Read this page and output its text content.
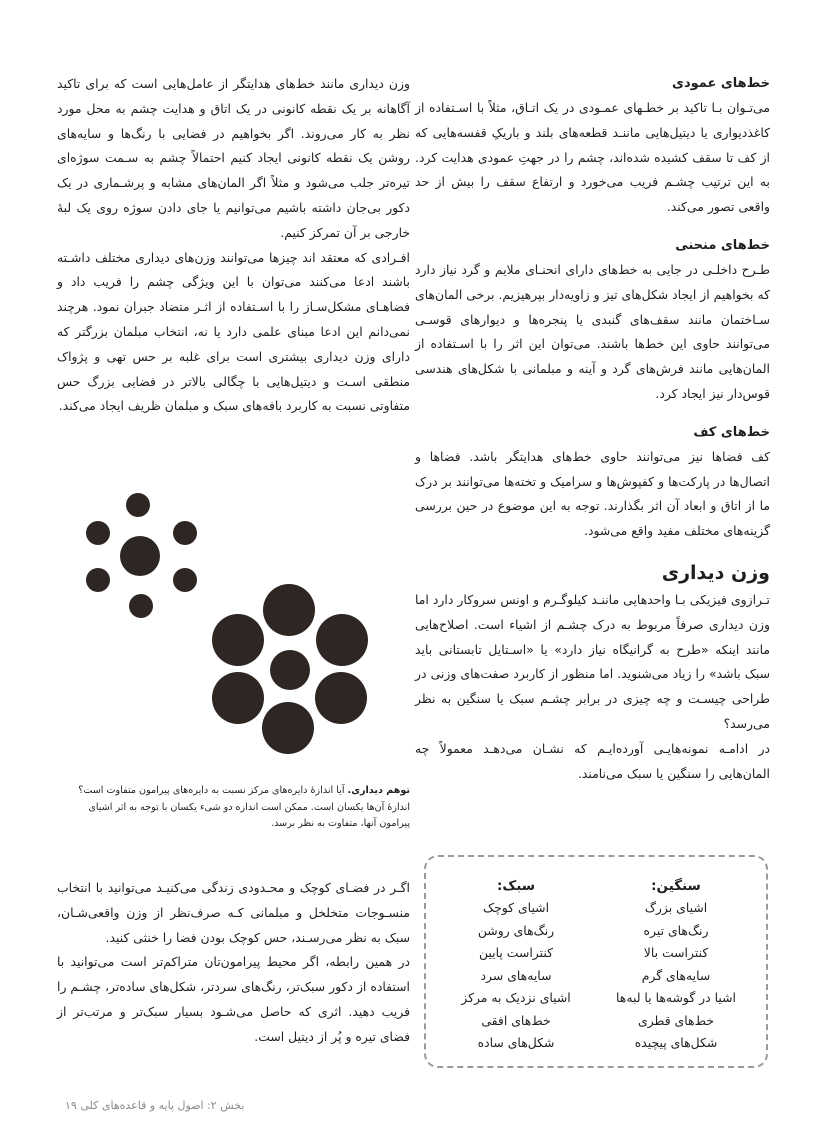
خط‌های عمودی

می‌تـوان بـا تاکید بر خطـهای عمـودی در یک اتـاق، مثلاً با اسـتفاده از کاغذدیواری یا دیتیل‌هایی ماننـد قطعه‌های بلند و باریکِ قفسه‌هایی که از کف تا سقف کشیده شده‌اند، چشم را در جهتِ عمودی هدایت کرد. به این ترتیب چشـم فریب می‌خورد و ارتفاع سقف را بیش از حد واقعی تصور می‌کند.

خط‌های منحنی

طـرح داخلـی در جایی به خط‌های دارای انحنـای ملایم و گرد نیاز دارد که بخواهیم از ایجاد شکل‌های تیز و زاویه‌دار بپرهیزیم. برخی المان‌های سـاختمان مانند سقف‌های گنبدی یا پنجره‌ها و دیوارهای قوسـی می‌توانند حاوی این خط‌ها باشند. می‌توان این اثر را با اسـتفاده از المان‌هایی مانند فرش‌های گرد و آینه و مبلمانی با شکل‌های هندسی قوس‌دار نیز ایجاد کرد.

خط‌های کف

کف فضاها نیز می‌توانند حاوی خط‌های هدایتگر باشد. فضاها و اتصال‌ها در پارکت‌ها و کفپوش‌ها و سرامیک و تخته‌ها می‌توانند بر درک ما از اتاق و ابعاد آن اثر بگذارند. توجه به این موضوع در حین بررسی گزینه‌های مختلف مفید واقع می‌شود.

وزن دیداری

تـرازوی فیزیکی بـا واحدهایی ماننـد کیلوگـرم و اونس سروکار دارد اما وزن دیداری صرفاً مربوط به درک چشـم از اشیاء است. اصلاح‌هایی مانند اینکه «طرح به گرانیگاه نیاز دارد» یا «اسـتایل تابستانی باید سبک باشد» را زیاد می‌شنوید. اما منظور از کاربرد صفت‌های وزنی در طراحی چیسـت و چه چیزی در برابر چشـم سبک یا سنگین به نظر می‌رسد؟

در ادامـه نمونه‌هایـی آورده‌ایـم که نشـان می‌دهـد معمولاً چه المان‌هایی را سنگین یا سبک می‌نامند.

وزن دیداری مانند خط‌های هدایتگر از عامل‌هایی است که برای تاکید آگاهانه بر یک نقطه کانونی در یک اتاق و هدایت چشم به محل مورد نظر به کار می‌روند. اگر بخواهیم در فضایی با رنگ‌ها و سایه‌های روشن یک نقطه کانونی ایجاد کنیم احتمالاً چشم به سـمت سوژه‌ای تیره‌تر جلب می‌شود و مثلاً اگر المان‌های مشابه و پرشـماری در یک دکور بی‌جان داشته باشیم می‌توانیم یا جای دادن سوژه روی یک لبهٔ خارجی بر آن تمرکز کنیم.

افـرادی که معتقد اند چیزها می‌توانند وزن‌های دیداری مختلف داشـته باشند ادعا می‌کنند می‌توان با این ویژگی چشم را فریب داد و فضاهـای مشکل‌سـاز را با اسـتفاده از اثـر متضاد جبران نمود. هرچند نمی‌دانم این ادعا مبنای علمی دارد یا نه، انتخاب مبلمان بزرگتر که دارای وزن دیداری بیشتری است برای غلبه بر حس تهی و پژواک منطقی اسـت و دیتیل‌هایی با چگالی بالاتر در فضایی بزرگ حس متفاوتی نسبت به کاربرد بافه‌های سبک و مبلمان ظریف ایجاد می‌کند.

توهم دیداری. آیا اندازهٔ دایره‌های مرکز نسبت به دایره‌های پیرامون متفاوت است؟ اندازهٔ آن‌ها یکسان است. ممکن است اندازه دو شیء یکسان با توجه به اثر اشیای پیرامون آنها، متفاوت به نظر برسد.

اگـر در فضـای کوچک و محـدودی زندگی می‌کنیـد می‌توانید با انتخاب منسـوجات متخلخل و مبلمانی کـه صرف‌نظر از وزن واقعی‌شـان، سبک به نظر می‌رسـند، حس کوچک بودن فضا را خنثی کنید.

در همین رابطه، اگر محیط پیرامون‌تان متراکم‌تر است می‌توانید با استفاده از دکور سبک‌تر، رنگ‌های سردتر، شکل‌های ساده‌تر، چشـم را فریب دهید. اثری که حاصل می‌شـود بسیار سبک‌تر و مرتب‌تر از فضای تیره و پُر از دیتیل است.

سنگین:
اشیای بزرگ
رنگ‌های تیره
کنتراست بالا
سایه‌های گرم
اشیا در گوشه‌ها یا لبه‌ها
خط‌های قطری
شکل‌های پیچیده
سبک:
اشیای کوچک
رنگ‌های روشن
کنتراست پایین
سایه‌های سرد
اشیای نزدیک به مرکز
خط‌های افقی
شکل‌های ساده
بخش ۲: اصول پایه و قاعده‌های کلی ۱۹
